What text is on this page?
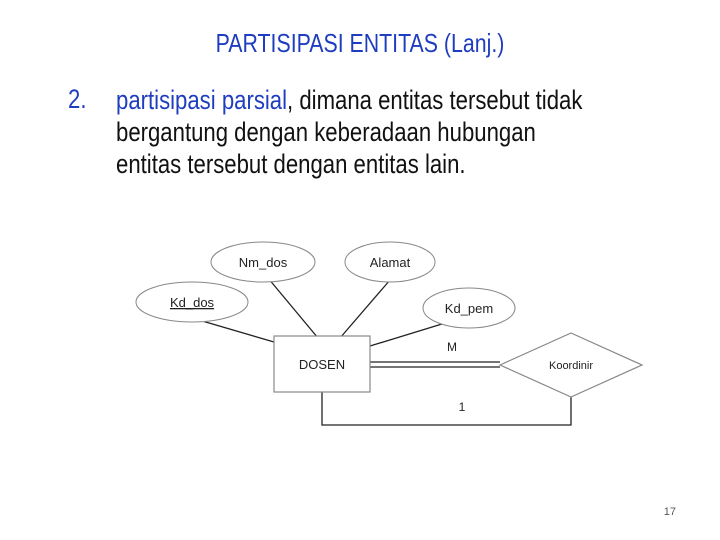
PARTISIPASI ENTITAS (Lanj.)
2. partisipasi parsial, dimana entitas tersebut tidak
bergantung dengan keberadaan hubungan
entitas tersebut dengan entitas lain.
Nm_dos	Alamat
Kd_dos	Kd_pem
DOSEN	Koordinir
M
1
17
